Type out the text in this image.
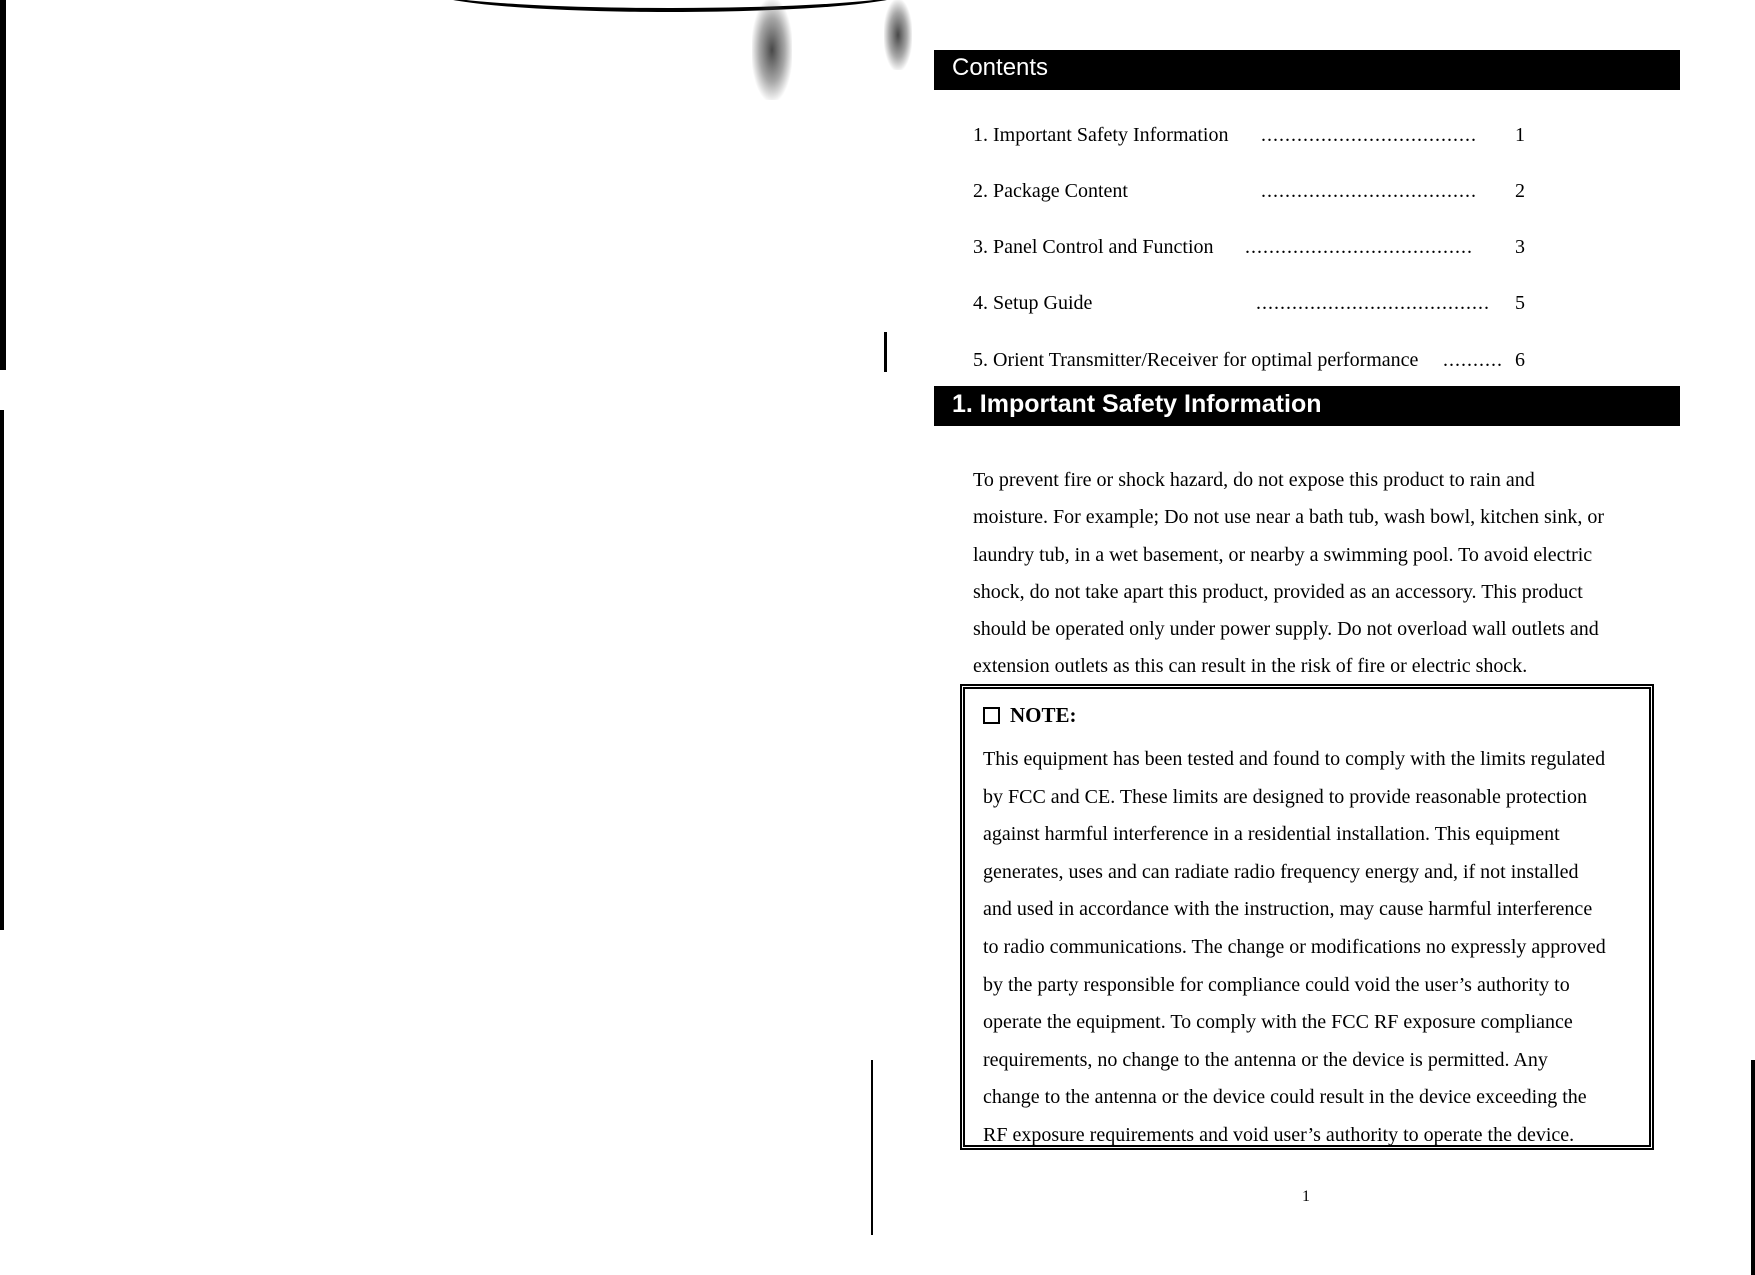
Contents
1. Important Safety Information ....................................	1
2. Package Content	....................................	2
3. Panel Control and Function ......................................	3
4. Setup Guide	.......................................	5
5. Orient Transmitter/Receiver for optimal performance .......... 6
1. Important Safety Information

To prevent fire or shock hazard, do not expose this product to rain and

moisture. For example; Do not use near a bath tub, wash bowl, kitchen sink, or

laundry tub, in a wet basement, or nearby a swimming pool. To avoid electric

shock, do not take apart this product, provided as an accessory. This product

should be operated only under power supply. Do not overload wall outlets and

extension outlets as this can result in the risk of fire or electric shock.

NOTE:

This equipment has been tested and found to comply with the limits regulated

by FCC and CE. These limits are designed to provide reasonable protection

against harmful interference in a residential installation. This equipment

generates, uses and can radiate radio frequency energy and, if not installed

and used in accordance with the instruction, may cause harmful interference

to radio communications. The change or modifications no expressly approved

by the party responsible for compliance could void the user’s authority to

operate the equipment. To comply with the FCC RF exposure compliance

requirements, no change to the antenna or the device is permitted. Any

change to the antenna or the device could result in the device exceeding the

RF exposure requirements and void user’s authority to operate the device.

1
